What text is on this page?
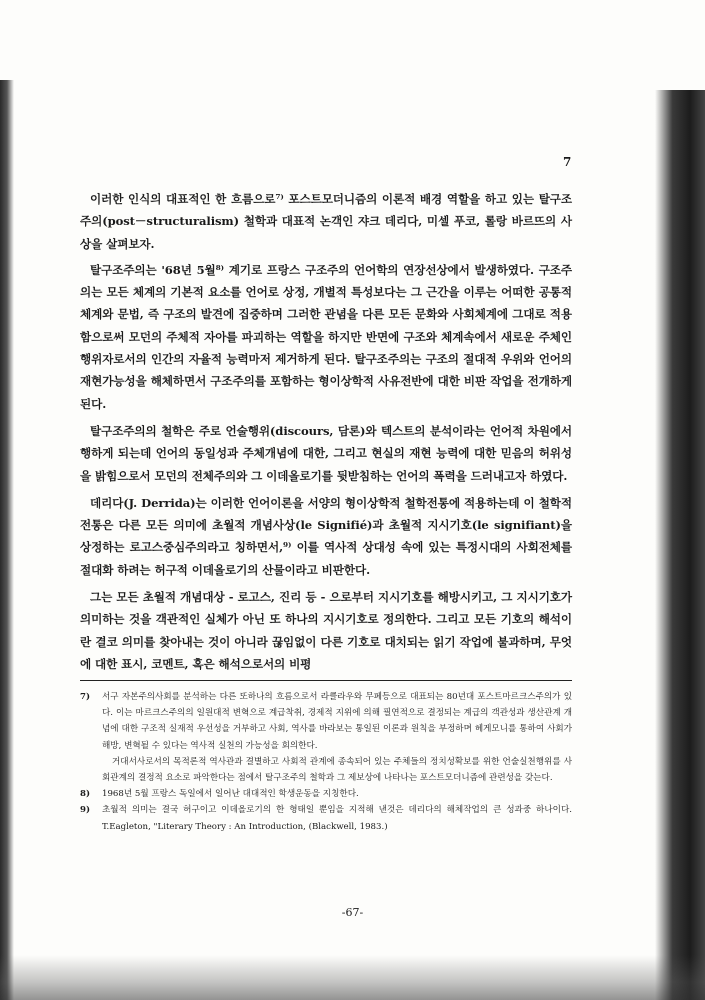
7

이러한 인식의 대표적인 한 흐름으로⁷⁾ 포스트모더니즘의 이론적 배경 역할을 하고 있는 탈구조주의(post－structuralism) 철학과 대표적 논객인 쟈크 데리다, 미셀 푸코, 롤랑 바르뜨의 사상을 살펴보자.

탈구조주의는 '68년 5월⁸⁾ 계기로 프랑스 구조주의 언어학의 연장선상에서 발생하였다. 구조주의는 모든 체계의 기본적 요소를 언어로 상정, 개별적 특성보다는 그 근간을 이루는 어떠한 공통적 체계와 문법, 즉 구조의 발견에 집중하며 그러한 관념을 다른 모든 문화와 사회체계에 그대로 적용함으로써 모던의 주체적 자아를 파괴하는 역할을 하지만 반면에 구조와 체계속에서 새로운 주체인 행위자로서의 인간의 자율적 능력마저 제거하게 된다. 탈구조주의는 구조의 절대적 우위와 언어의 재현가능성을 해체하면서 구조주의를 포함하는 형이상학적 사유전반에 대한 비판 작업을 전개하게 된다.

탈구조주의의 철학은 주로 언술행위(discours, 담론)와 텍스트의 분석이라는 언어적 차원에서 행하게 되는데 언어의 동일성과 주체개념에 대한, 그리고 현실의 재현 능력에 대한 믿음의 허위성을 밝힘으로서 모던의 전체주의와 그 이데올로기를 뒷받침하는 언어의 폭력을 드러내고자 하였다.

데리다(J. Derrida)는 이러한 언어이론을 서양의 형이상학적 철학전통에 적용하는데 이 철학적 전통은 다른 모든 의미에 초월적 개념사상(le Signifié)과 초월적 지시기호(le signifiant)을 상정하는 로고스중심주의라고 칭하면서,⁹⁾ 이를 역사적 상대성 속에 있는 특정시대의 사회전체를 절대화 하려는 허구적 이데올로기의 산물이라고 비판한다.

그는 모든 초월적 개념대상 - 로고스, 진리 등 - 으로부터 지시기호를 해방시키고, 그 지시기호가 의미하는 것을 객관적인 실체가 아닌 또 하나의 지시기호로 정의한다. 그리고 모든 기호의 해석이란 결코 의미를 찾아내는 것이 아니라 끊임없이 다른 기호로 대치되는 읽기 작업에 불과하며, 무엇에 대한 표시, 코멘트, 혹은 해석으로서의 비평

7)	서구 자본주의사회를 분석하는 다른 또하나의 흐름으로서 라클라우와 무페등으로 대표되는 80년대 포스트마르크스주의가 있다. 이는 마르크스주의의 일원대적 변혁으로 계급착취, 경제적 지위에 의해 필연적으로 결정되는 계급의 객관성과 생산관계 개념에 대한 구조적 실재적 우선성을 거부하고 사회, 역사를 바라보는 통일된 이론과 원칙을 부정하며 헤게모니를 통하여 사회가 해방, 변혁될 수 있다는 역사적 실천의 가능성을 회의한다.

거대서사로서의 목적론적 역사관과 결별하고 사회적 관계에 종속되어 있는 주체들의 정치성확보를 위한 언술실천행위를 사회관계의 결정적 요소로 파악한다는 점에서 탈구조주의 철학과 그 제보상에 나타나는 포스트모더니즘에 관련성을 갖는다.

8)	1968년 5월 프랑스 독일에서 일어난 대대적인 학생운동을 지칭한다.
9)	초월적 의미는 결국 허구이고 이데올로기의 한 형태일 뿐임을 지적해 낸것은 데리다의 해체작업의 큰 성과중 하나이다. T.Eagleton, "Literary Theory : An Introduction, (Blackwell, 1983.)
-67-
